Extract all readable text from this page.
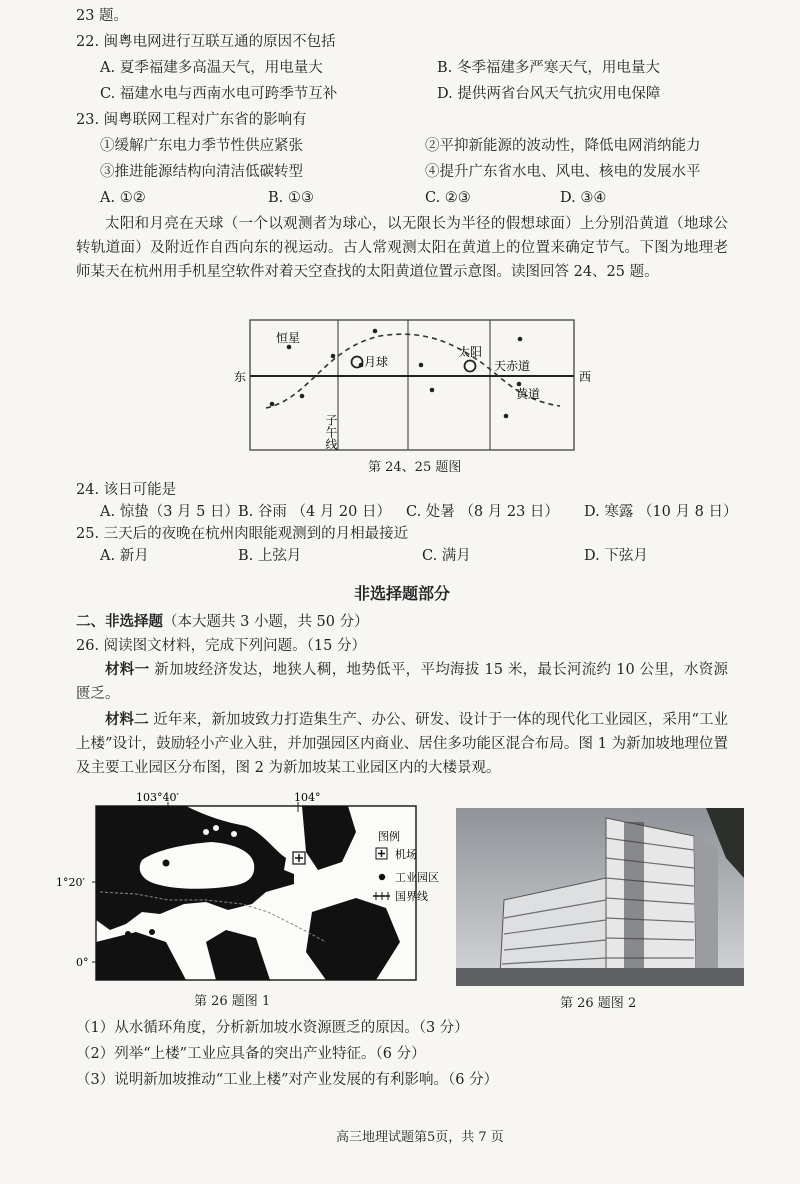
23 题。
22. 闽粤电网进行互联互通的原因不包括
A. 夏季福建多高温天气，用电量大	B. 冬季福建多严寒天气，用电量大
C. 福建水电与西南水电可跨季节互补	D. 提供两省台风天气抗灾用电保障
23. 闽粤联网工程对广东省的影响有
①缓解广东电力季节性供应紧张	②平抑新能源的波动性，降低电网消纳能力
③推进能源结构向清洁低碳转型	④提升广东省水电、风电、核电的发展水平
A. ①②	B. ①③	C. ②③	D. ③④
太阳和月亮在天球（一个以观测者为球心，以无限长为半径的假想球面）上分别沿黄道（地球公转轨道面）及附近作自西向东的视运动。古人常观测太阳在黄道上的位置来确定节气。下图为地理老师某天在杭州用手机星空软件对着天空查找的太阳黄道位置示意图。读图回答 24、25 题。
恒星
月球
太阳
东	西
天赤道
黄道
子午线
第 24、25 题图
24. 该日可能是
A. 惊蛰（3 月 5 日） B. 谷雨 （4 月 20 日） C. 处暑 （8 月 23 日） D. 寒露 （10 月 8 日）
25. 三天后的夜晚在杭州肉眼能观测到的月相最接近
A. 新月	B. 上弦月	C. 满月	D. 下弦月
非选择题部分
二、非选择题（本大题共 3 小题，共 50 分）
26. 阅读图文材料，完成下列问题。（15 分）
材料一 新加坡经济发达，地狭人稠，地势低平，平均海拔 15 米，最长河流约 10 公里，水资源匮乏。
材料二 近年来，新加坡致力打造集生产、办公、研发、设计于一体的现代化工业园区，采用“工业上楼”设计，鼓励轻小产业入驻，并加强园区内商业、居住多功能区混合布局。图 1 为新加坡地理位置及主要工业园区分布图，图 2 为新加坡某工业园区内的大楼景观。
103°40′	104°
1°20′
0°
图例
机场
工业园区
国界线
第 26 题图 1	第 26 题图 2
（1）从水循环角度，分析新加坡水资源匮乏的原因。（3 分）
（2）列举“上楼”工业应具备的突出产业特征。（6 分）
（3）说明新加坡推动“工业上楼”对产业发展的有利影响。（6 分）
高三地理试题第5页，共 7 页
